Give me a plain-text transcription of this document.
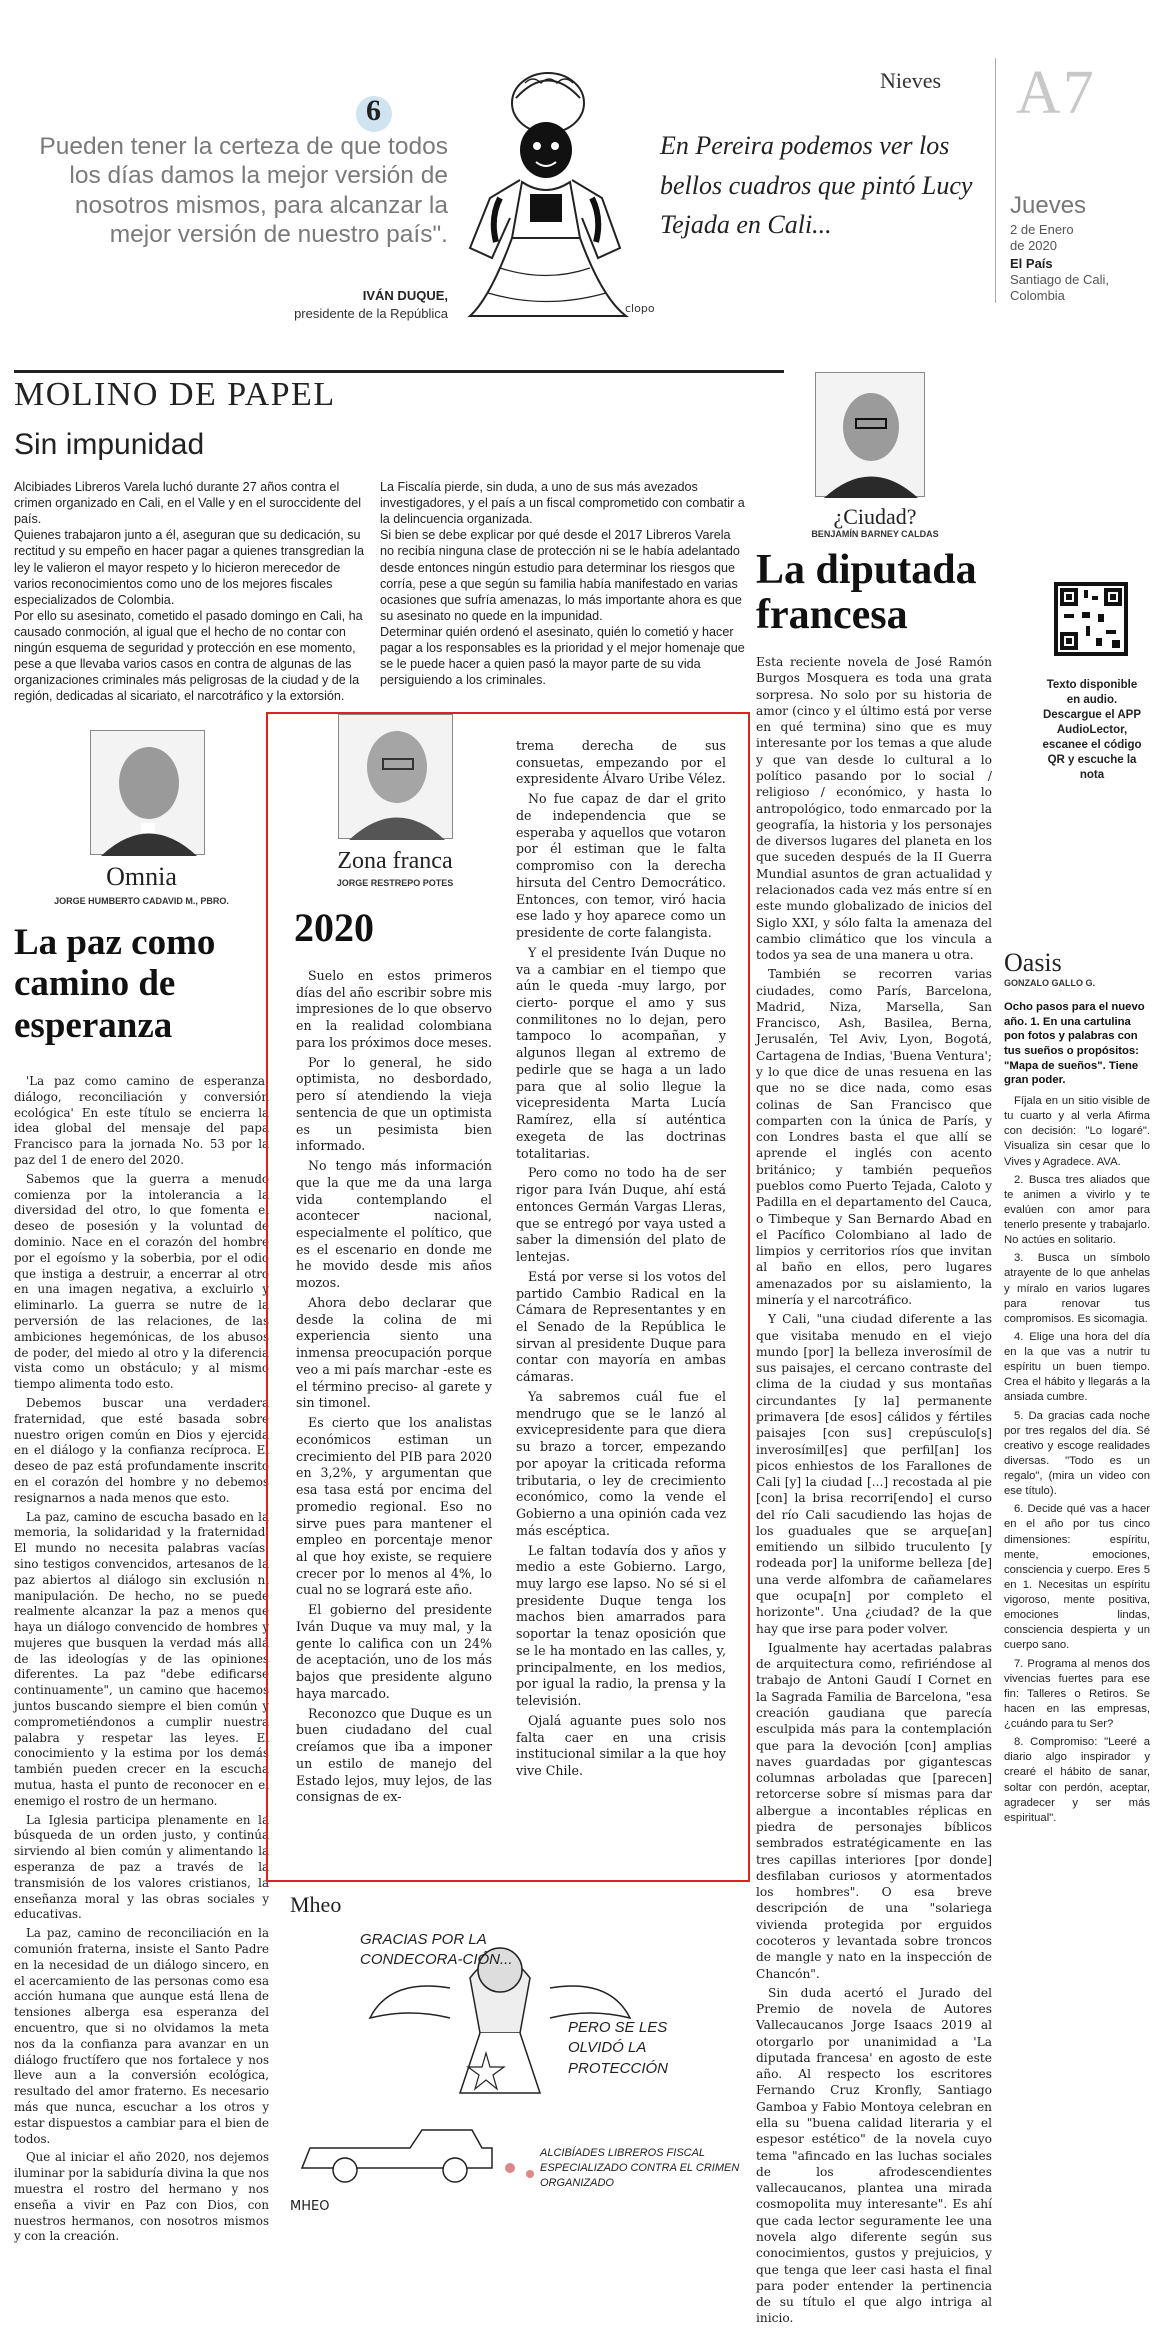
Nieves A7
Jueves
2 de Enero
de 2020
El País
Santiago de Cali,
Colombia
6
Pueden tener la certeza de que todos los días damos la mejor versión de nosotros mismos, para alcanzar la mejor versión de nuestro país".
IVÁN DUQUE,
presidente de la República	clopo
En Pereira podemos ver los bellos cuadros que pintó Lucy Tejada en Cali...
MOLINO DE PAPEL
Sin impunidad

Alcibiades Libreros Varela luchó durante 27 años contra el crimen organizado en Cali, en el Valle y en el suroccidente del país.

Quienes trabajaron junto a él, aseguran que su dedicación, su rectitud y su empeño en hacer pagar a quienes transgredian la ley le valieron el mayor respeto y lo hicieron merecedor de varios reconocimientos como uno de los mejores fiscales especializados de Colombia.

Por ello su asesinato, cometido el pasado domingo en Cali, ha causado conmoción, al igual que el hecho de no contar con ningún esquema de seguridad y protección en ese momento, pese a que llevaba varios casos en contra de algunas de las organizaciones criminales más peligrosas de la ciudad y de la región, dedicadas al sicariato, el narcotráfico y la extorsión.

La Fiscalía pierde, sin duda, a uno de sus más avezados investigadores, y el país a un fiscal comprometido con combatir a la delincuencia organizada.

Si bien se debe explicar por qué desde el 2017 Libreros Varela no recibía ninguna clase de protección ni se le había adelantado desde entonces ningún estudio para determinar los riesgos que corría, pese a que según su familia había manifestado en varias ocasiones que sufría amenazas, lo más importante ahora es que su asesinato no quede en la impunidad.

Determinar quién ordenó el asesinato, quién lo cometió y hacer pagar a los responsables es la prioridad y el mejor homenaje que se le puede hacer a quien pasó la mayor parte de su vida persiguiendo a los criminales.

Omnia
JORGE HUMBERTO CADAVID M., PBRO.
La paz como camino de esperanza

'La paz como camino de esperanza: diálogo, reconciliación y conversión ecológica' En este título se encierra la idea global del mensaje del papa Francisco para la jornada No. 53 por la paz del 1 de enero del 2020.

Sabemos que la guerra a menudo comienza por la intolerancia a la diversidad del otro, lo que fomenta el deseo de posesión y la voluntad de dominio. Nace en el corazón del hombre por el egoísmo y la soberbia, por el odio que instiga a destruir, a encerrar al otro en una imagen negativa, a excluirlo y eliminarlo. La guerra se nutre de la perversión de las relaciones, de las ambiciones hegemónicas, de los abusos de poder, del miedo al otro y la diferencia vista como un obstáculo; y al mismo tiempo alimenta todo esto.

Debemos buscar una verdadera fraternidad, que esté basada sobre nuestro origen común en Dios y ejercida en el diálogo y la confianza recíproca. El deseo de paz está profundamente inscrito en el corazón del hombre y no debemos resignarnos a nada menos que esto.

La paz, camino de escucha basado en la memoria, la solidaridad y la fraternidad. El mundo no necesita palabras vacías, sino testigos convencidos, artesanos de la paz abiertos al diálogo sin exclusión ni manipulación. De hecho, no se puede realmente alcanzar la paz a menos que haya un diálogo convencido de hombres y mujeres que busquen la verdad más allá de las ideologías y de las opiniones diferentes. La paz "debe edificarse continuamente", un camino que hacemos juntos buscando siempre el bien común y comprometiéndonos a cumplir nuestra palabra y respetar las leyes. El conocimiento y la estima por los demás también pueden crecer en la escucha mutua, hasta el punto de reconocer en el enemigo el rostro de un hermano.

La Iglesia participa plenamente en la búsqueda de un orden justo, y continúa sirviendo al bien común y alimentando la esperanza de paz a través de la transmisión de los valores cristianos, la enseñanza moral y las obras sociales y educativas.

La paz, camino de reconciliación en la comunión fraterna, insiste el Santo Padre en la necesidad de un diálogo sincero, en el acercamiento de las personas como esa acción humana que aunque está llena de tensiones alberga esa esperanza del encuentro, que si no olvidamos la meta nos da la confianza para avanzar en un diálogo fructífero que nos fortalece y nos lleve aun a la conversión ecológica, resultado del amor fraterno. Es necesario más que nunca, escuchar a los otros y estar dispuestos a cambiar para el bien de todos.

Que al iniciar el año 2020, nos dejemos iluminar por la sabiduría divina la que nos muestra el rostro del hermano y nos enseña a vivir en Paz con Dios, con nuestros hermanos, con nosotros mismos y con la creación.

Zona franca
JORGE RESTREPO POTES
2020

Suelo en estos primeros días del año escribir sobre mis impresiones de lo que observo en la realidad colombiana para los próximos doce meses.

Por lo general, he sido optimista, no desbordado, pero sí atendiendo la vieja sentencia de que un optimista es un pesimista bien informado.

No tengo más información que la que me da una larga vida contemplando el acontecer nacional, especialmente el político, que es el escenario en donde me he movido desde mis años mozos.

Ahora debo declarar que desde la colina de mi experiencia siento una inmensa preocupación porque veo a mi país marchar -este es el término preciso- al garete y sin timonel.

Es cierto que los analistas económicos estiman un crecimiento del PIB para 2020 en 3,2%, y argumentan que esa tasa está por encima del promedio regional. Eso no sirve pues para mantener el empleo en porcentaje menor al que hoy existe, se requiere crecer por lo menos al 4%, lo cual no se logrará este año.

El gobierno del presidente Iván Duque va muy mal, y la gente lo califica con un 24% de aceptación, uno de los más bajos que presidente alguno haya marcado.

Reconozco que Duque es un buen ciudadano del cual creíamos que iba a imponer un estilo de manejo del Estado lejos, muy lejos, de las consignas de ex-

trema derecha de sus consuetas, empezando por el expresidente Álvaro Uribe Vélez.

No fue capaz de dar el grito de independencia que se esperaba y aquellos que votaron por él estiman que le falta compromiso con la derecha hirsuta del Centro Democrático. Entonces, con temor, viró hacia ese lado y hoy aparece como un presidente de corte falangista.

Y el presidente Iván Duque no va a cambiar en el tiempo que aún le queda -muy largo, por cierto- porque el amo y sus conmilitones no lo dejan, pero tampoco lo acompañan, y algunos llegan al extremo de pedirle que se haga a un lado para que al solio llegue la vicepresidenta Marta Lucía Ramírez, ella sí auténtica exegeta de las doctrinas totalitarias.

Pero como no todo ha de ser rigor para Iván Duque, ahí está entonces Germán Vargas Lleras, que se entregó por vaya usted a saber la dimensión del plato de lentejas.

Está por verse si los votos del partido Cambio Radical en la Cámara de Representantes y en el Senado de la República le sirvan al presidente Duque para contar con mayoría en ambas cámaras.

Ya sabremos cuál fue el mendrugo que se le lanzó al exvicepresidente para que diera su brazo a torcer, empezando por apoyar la criticada reforma tributaria, o ley de crecimiento económico, como la vende el Gobierno a una opinión cada vez más escéptica.

Le faltan todavía dos y años y medio a este Gobierno. Largo, muy largo ese lapso. No sé si el presidente Duque tenga los machos bien amarrados para soportar la tenaz oposición que se le ha montado en las calles, y, principalmente, en los medios, por igual la radio, la prensa y la televisión.

Ojalá aguante pues solo nos falta caer en una crisis institucional similar a la que hoy vive Chile.

Mheo
MHEO
GRACIAS POR LA CONDECORA-CIÓN...
PERO SE LES OLVIDÓ LA PROTECCIÓN
ALCIBÍADES LIBREROS FISCAL ESPECIALIZADO CONTRA EL CRIMEN ORGANIZADO
¿Ciudad?
BENJAMÍN BARNEY CALDAS
La diputada francesa

Esta reciente novela de José Ramón Burgos Mosquera es toda una grata sorpresa. No solo por su historia de amor (cinco y el último está por verse en qué termina) sino que es muy interesante por los temas a que alude y que van desde lo cultural a lo político pasando por lo social / religioso / económico, y hasta lo antropológico, todo enmarcado por la geografía, la historia y los personajes de diversos lugares del planeta en los que suceden después de la II Guerra Mundial asuntos de gran actualidad y relacionados cada vez más entre sí en este mundo globalizado de inicios del Siglo XXI, y sólo falta la amenaza del cambio climático que los vincula a todos ya sea de una manera u otra.

También se recorren varias ciudades, como París, Barcelona, Madrid, Niza, Marsella, San Francisco, Ash, Basilea, Berna, Jerusalén, Tel Aviv, Lyon, Bogotá, Cartagena de Indias, 'Buena Ventura'; y lo que dice de unas resuena en las que no se dice nada, como esas colinas de San Francisco que comparten con la única de París, y con Londres basta el que allí se aprende el inglés con acento británico; y también pequeños pueblos como Puerto Tejada, Caloto y Padilla en el departamento del Cauca, o Timbeque y San Bernardo Abad en el Pacífico Colombiano al lado de limpios y cerritorios ríos que invitan al baño en ellos, pero lugares amenazados por su aislamiento, la minería y el narcotráfico.

Y Cali, "una ciudad diferente a las que visitaba menudo en el viejo mundo [por] la belleza inverosímil de sus paisajes, el cercano contraste del clima de la ciudad y sus montañas circundantes [y la] permanente primavera [de esos] cálidos y fértiles paisajes [con sus] crepúsculo[s] inverosímil[es] que perfil[an] los picos enhiestos de los Farallones de Cali [y] la ciudad [...] recostada al pie [con] la brisa recorri[endo] el curso del río Cali sacudiendo las hojas de los guaduales que se arque[an] emitiendo un silbido truculento [y rodeada por] la uniforme belleza [de] una verde alfombra de cañamelares que ocupa[n] por completo el horizonte". Una ¿ciudad? de la que hay que irse para poder volver.

Igualmente hay acertadas palabras de arquitectura como, refiriéndose al trabajo de Antoni Gaudí I Cornet en la Sagrada Familia de Barcelona, "esa creación gaudiana que parecía esculpida más para la contemplación que para la devoción [con] amplias naves guardadas por gigantescas columnas arboladas que [parecen] retorcerse sobre sí mismas para dar albergue a incontables réplicas en piedra de personajes bíblicos sembrados estratégicamente en las tres capillas interiores [por donde] desfilaban curiosos y atormentados los hombres". O esa breve descripción de una "solariega vivienda protegida por erguidos cocoteros y levantada sobre troncos de mangle y nato en la inspección de Chancón".

Sin duda acertó el Jurado del Premio de novela de Autores Vallecaucanos Jorge Isaacs 2019 al otorgarlo por unanimidad a 'La diputada francesa' en agosto de este año. Al respecto los escritores Fernando Cruz Kronfly, Santiago Gamboa y Fabio Montoya celebran en ella su "buena calidad literaria y el espesor estético" de la novela cuyo tema "afincado en las luchas sociales de los afrodescendientes vallecaucanos, plantea una mirada cosmopolita muy interesante". Es ahí que cada lector seguramente lee una novela algo diferente según sus conocimientos, gustos y prejuicios, y que tenga que leer casi hasta el final para poder entender la pertinencia de su título el que algo intriga al inicio.

Texto disponible en audio. Descargue el APP AudioLector, escanee el código QR y escuche la nota
Oasis
GONZALO GALLO G.
Ocho pasos para el nuevo año. 1. En una cartulina pon fotos y palabras con tus sueños o propósitos: "Mapa de sueños". Tiene gran poder.

Fíjala en un sitio visible de tu cuarto y al verla Afirma con decisión: "Lo logaré". Visualiza sin cesar que lo Vives y Agradece. AVA.

2. Busca tres aliados que te animen a vivirlo y te evalúen con amor para tenerlo presente y trabajarlo. No actúes en solitario.

3. Busca un símbolo atrayente de lo que anhelas y míralo en varios lugares para renovar tus compromisos. Es sicomagia.

4. Elige una hora del día en la que vas a nutrir tu espíritu un buen tiempo. Crea el hábito y llegarás a la ansiada cumbre.

5. Da gracias cada noche por tres regalos del día. Sé creativo y escoge realidades diversas. "Todo es un regalo", (mira un video con ese título).

6. Decide qué vas a hacer en el año por tus cinco dimensiones: espíritu, mente, emociones, consciencia y cuerpo. Eres 5 en 1. Necesitas un espíritu vigoroso, mente positiva, emociones lindas, consciencia despierta y un cuerpo sano.

7. Programa al menos dos vivencias fuertes para ese fin: Talleres o Retiros. Se hacen en las empresas, ¿cuándo para tu Ser?

8. Compromiso: "Leeré a diario algo inspirador y crearé el hábito de sanar, soltar con perdón, aceptar, agradecer y ser más espiritual".
